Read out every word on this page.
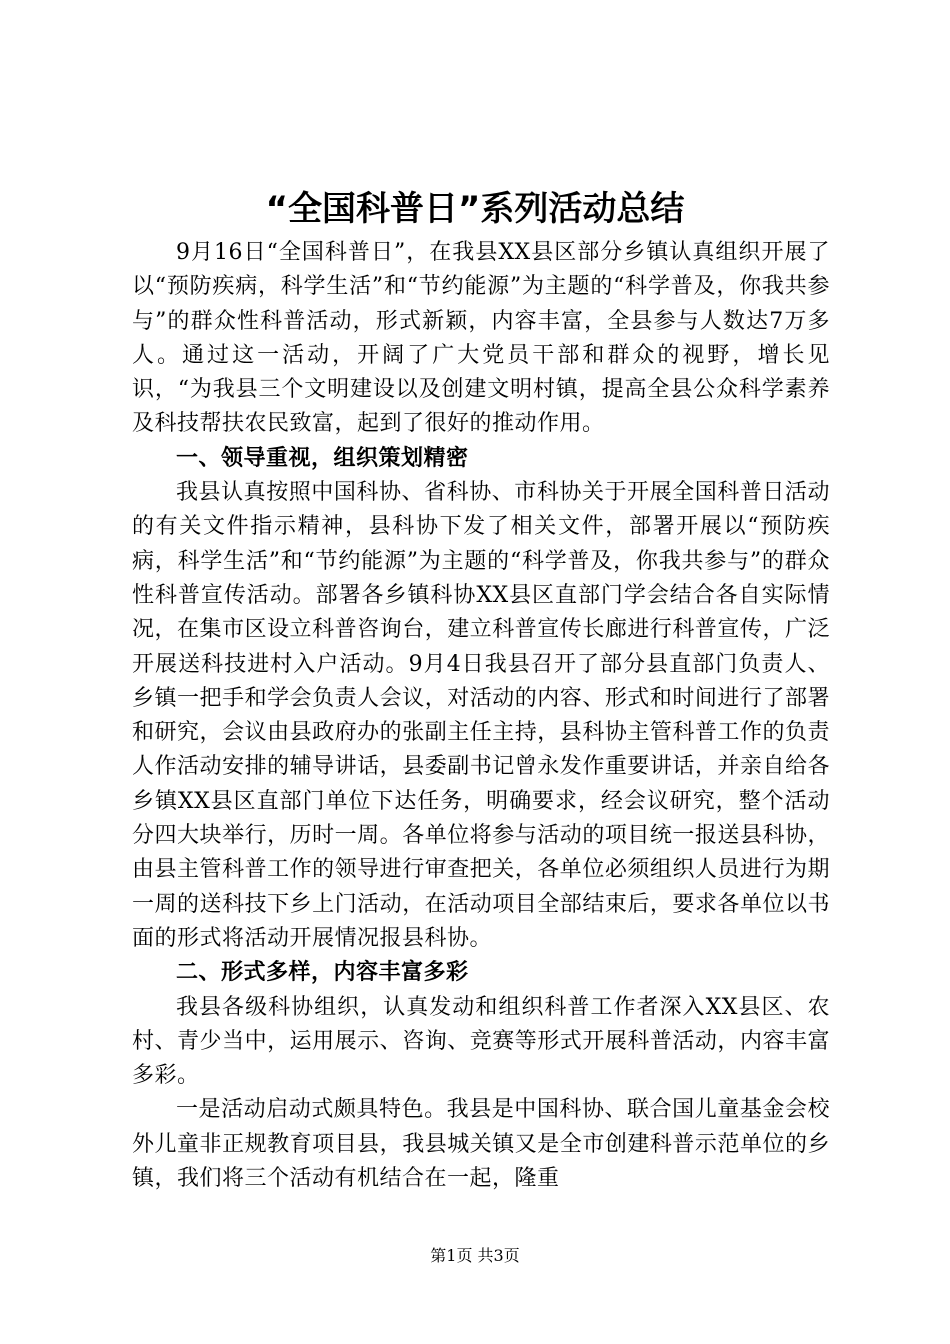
“全国科普日”系列活动总结

9月16日“全国科普日”，在我县XX县区部分乡镇认真组织开展了以“预防疾病，科学生活”和“节约能源”为主题的“科学普及，你我共参与”的群众性科普活动，形式新颖，内容丰富，全县参与人数达7万多人。通过这一活动，开阔了广大党员干部和群众的视野，增长见识，“为我县三个文明建设以及创建文明村镇，提高全县公众科学素养及科技帮扶农民致富，起到了很好的推动作用。

一、领导重视，组织策划精密

我县认真按照中国科协、省科协、市科协关于开展全国科普日活动的有关文件指示精神，县科协下发了相关文件，部署开展以“预防疾病，科学生活”和“节约能源”为主题的“科学普及，你我共参与”的群众性科普宣传活动。部署各乡镇科协XX县区直部门学会结合各自实际情况，在集市区设立科普咨询台，建立科普宣传长廊进行科普宣传，广泛开展送科技进村入户活动。9月4日我县召开了部分县直部门负责人、乡镇一把手和学会负责人会议，对活动的内容、形式和时间进行了部署和研究，会议由县政府办的张副主任主持，县科协主管科普工作的负责人作活动安排的辅导讲话，县委副书记曾永发作重要讲话，并亲自给各乡镇XX县区直部门单位下达任务，明确要求，经会议研究，整个活动分四大块举行，历时一周。各单位将参与活动的项目统一报送县科协，由县主管科普工作的领导进行审查把关，各单位必须组织人员进行为期一周的送科技下乡上门活动，在活动项目全部结束后，要求各单位以书面的形式将活动开展情况报县科协。

二、形式多样，内容丰富多彩

我县各级科协组织，认真发动和组织科普工作者深入XX县区、农村、青少当中，运用展示、咨询、竞赛等形式开展科普活动，内容丰富多彩。

一是活动启动式颇具特色。我县是中国科协、联合国儿童基金会校外儿童非正规教育项目县，我县城关镇又是全市创建科普示范单位的乡镇，我们将三个活动有机结合在一起，隆重

第1页 共3页
